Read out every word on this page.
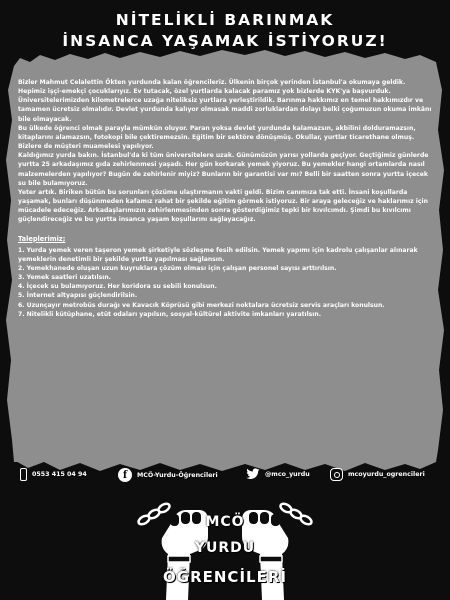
NİTELİKLİ BARINMAK
İNSANCA YAŞAMAK İSTİYORUZ!

Bizler Mahmut Celalettin Ökten yurdunda kalan öğrencileriz. Ülkenin birçok yerinden İstanbul'a okumaya geldik. Hepimiz işçi-emekçi çocuklarıyız. Ev tutacak, özel yurtlarda kalacak paramız yok bizlerde KYK'ya başvurduk. Üniversitelerimizden kilometrelerce uzağa niteliksiz yurtlara yerleştirildik. Barınma hakkımız en temel hakkımızdır ve tamamen ücretsiz olmalıdır. Devlet yurdunda kalıyor olmasak maddi zorluklardan dolayı belki çoğumuzun okuma imkânı bile olmayacak.

Bu ülkede öğrenci olmak parayla mümkün oluyor. Paran yoksa devlet yurdunda kalamazsın, akbilini dolduramazsın, kitaplarını alamazsın, fotokopi bile çektiremezsin. Eğitim bir sektöre dönüşmüş. Okullar, yurtlar ticarethane olmuş. Bizlere de müşteri muamelesi yapılıyor.

Kaldığımız yurda bakın. İstanbul'da ki tüm üniversitelere uzak. Günümüzün yarısı yollarda geçiyor. Geçtiğimiz günlerde yurtta 25 arkadaşımız gıda zehirlenmesi yaşadı. Her gün korkarak yemek yiyoruz. Bu yemekler hangi ortamlarda nasıl malzemelerden yapılıyor? Bugün de zehirlenir miyiz? Bunların bir garantisi var mı? Belli bir saatten sonra yurtta içecek su bile bulamıyoruz.

Yeter artık. Biriken bütün bu sorunları çözüme ulaştırmanın vakti geldi. Bizim canımıza tak etti. İnsani koşullarda yaşamak, bunları düşünmeden kafamız rahat bir şekilde eğitim görmek istiyoruz. Bir araya geleceğiz ve haklarımız için mücadele edeceğiz. Arkadaşlarımızın zehirlenmesinden sonra gösterdiğimiz tepki bir kıvılcımdı. Şimdi bu kıvılcımı güçlendireceğiz ve bu yurtta insanca yaşam koşullarını sağlayacağız.

Taleplerimiz;
1. Yurda yemek veren taşeron yemek şirketiyle sözleşme fesih edilsin. Yemek yapımı için kadrolu çalışanlar alınarak yemeklerin denetimli bir şekilde yurtta yapılması sağlansın.
2. Yemekhanede oluşan uzun kuyruklara çözüm olması için çalışan personel sayısı arttırılsın.
3. Yemek saatleri uzatılsın.
4. İçecek su bulamıyoruz. Her koridora su sebili konulsun.
5. İnternet altyapısı güçlendirilsin.
6. Uzunçayır metrobüs durağı ve Kavacık Köprüsü gibi merkezi noktalara ücretsiz servis araçları konulsun.
7. Nitelikli kütüphane, etüt odaları yapılsın, sosyal-kültürel aktivite imkanları yaratılsın.
0553 415 04 94	f	MCÖ-Yurdu-Öğrencileri	@mco_yurdu	mcoyurdu_ogrencileri
MCÖ
YURDU
ÖĞRENCİLERİ
